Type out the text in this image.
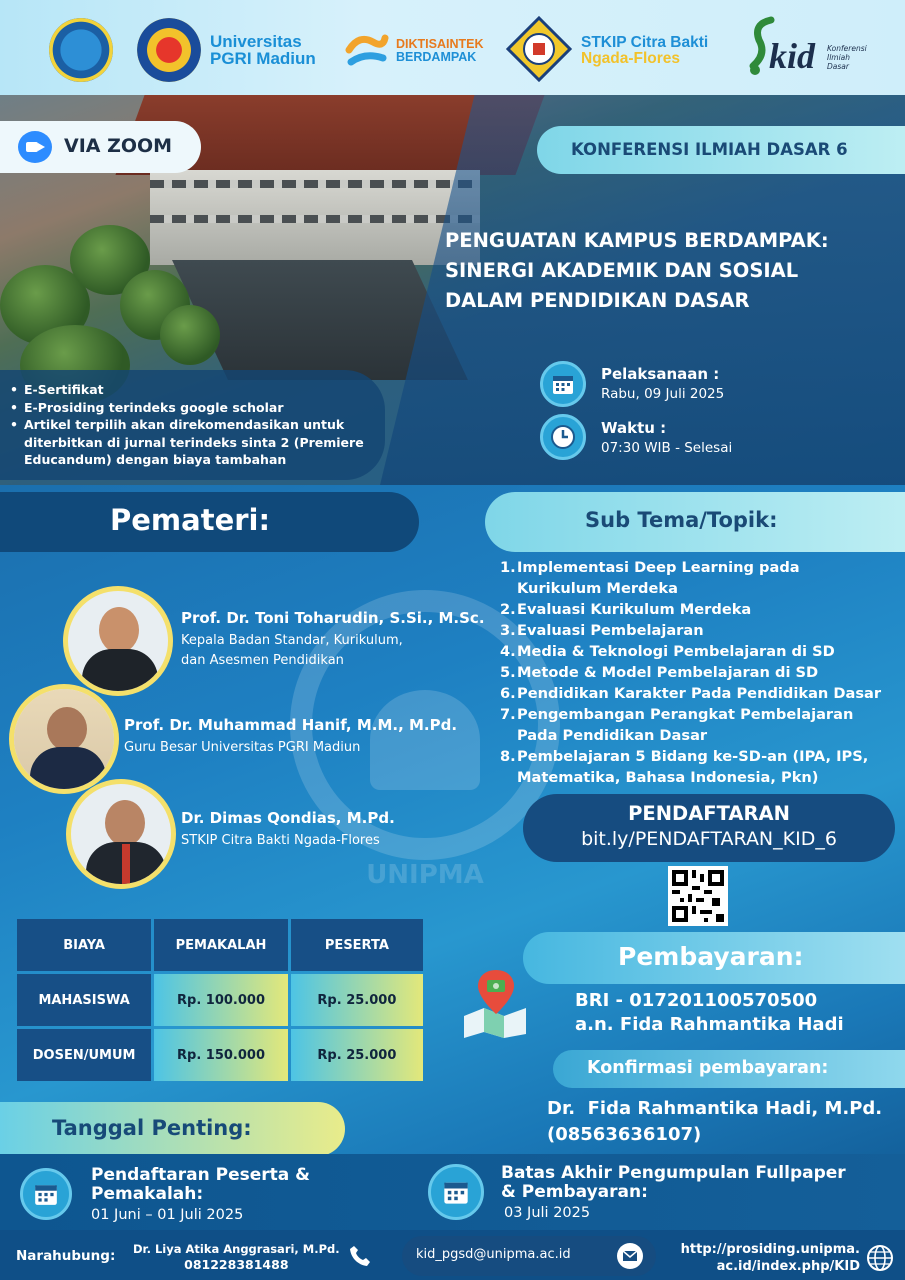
Universitas
PGRI Madiun
DIKTISAINTEK
BERDAMPAK
STKIP Citra Bakti
Ngada-Flores	kid Konferensi
Ilmiah
Dasar
VIA ZOOM	KONFERENSI ILMIAH DASAR 6
PENGUATAN KAMPUS BERDAMPAK:
SINERGI AKADEMIK DAN SOSIAL
DALAM PENDIDIKAN DASAR
• E-Sertifikat
• E-Prosiding terindeks google scholar
• Artikel terpilih akan direkomendasikan untuk diterbitkan di jurnal terindeks sinta 2 (Premiere Educandum) dengan biaya tambahan
Pelaksanaan :
Rabu, 09 Juli 2025
Waktu :
07:30 WIB - Selesai
UNIPMA
Pemateri:	Sub Tema/Topik:
Prof. Dr. Toni Toharudin, S.Si., M.Sc.
Kepala Badan Standar, Kurikulum,
dan Asesmen Pendidikan
Prof. Dr. Muhammad Hanif, M.M., M.Pd.
Guru Besar Universitas PGRI Madiun
Dr. Dimas Qondias, M.Pd.
STKIP Citra Bakti Ngada-Flores
1. Implementasi Deep Learning pada
Kurikulum Merdeka
2. Evaluasi Kurikulum Merdeka
3. Evaluasi Pembelajaran
4. Media & Teknologi Pembelajaran di SD
5. Metode & Model Pembelajaran di SD
6. Pendidikan Karakter Pada Pendidikan Dasar
7. Pengembangan Perangkat Pembelajaran
Pada Pendidikan Dasar
8. Pembelajaran 5 Bidang ke-SD-an (IPA, IPS,
Matematika, Bahasa Indonesia, Pkn)
PENDAFTARAN
bit.ly/PENDAFTARAN_KID_6
BIAYA	PEMAKALAH	PESERTA
MAHASISWA	Rp. 100.000	Rp. 25.000
DOSEN/UMUM	Rp. 150.000	Rp. 25.000
Pembayaran:
BRI - 017201100570500
a.n. Fida Rahmantika Hadi
Konfirmasi pembayaran:
Dr.  Fida Rahmantika Hadi, M.Pd.
(08563636107)
Tanggal Penting:
Pendaftaran Peserta &
Pemakalah:
01 Juni – 01 Juli 2025
Batas Akhir Pengumpulan Fullpaper
& Pembayaran:
03 Juli 2025
Narahubung: Dr. Liya Atika Anggrasari, M.Pd.
081228381488
kid_pgsd@unipma.ac.id	http://prosiding.unipma.
ac.id/index.php/KID
